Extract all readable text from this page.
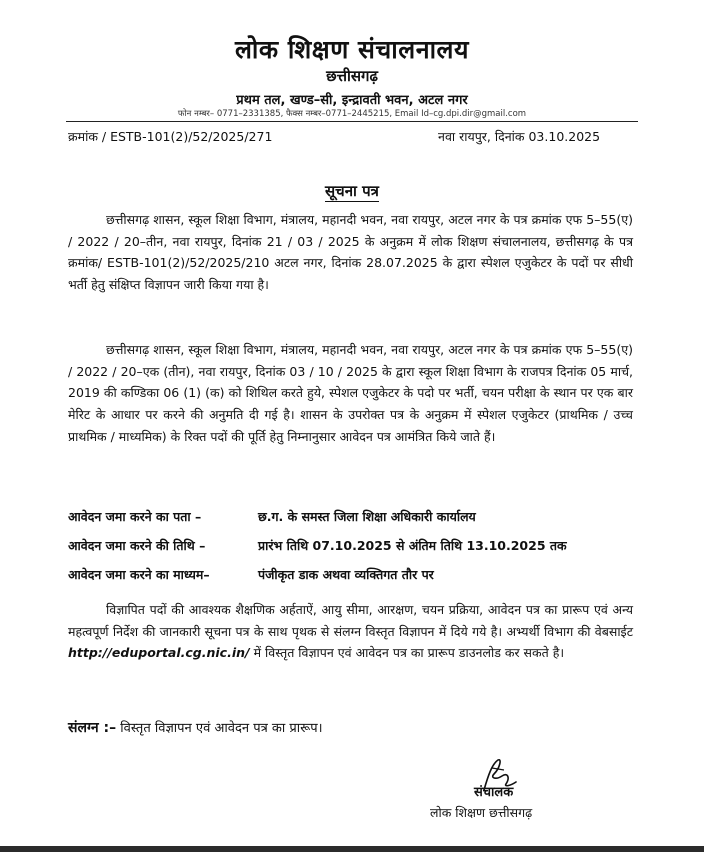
लोक शिक्षण संचालनालय
छत्तीसगढ़
प्रथम तल, खण्ड–सी, इन्द्रावती भवन, अटल नगर
फोन नम्बर– 0771–2331385, फैक्स नम्बर–0771–2445215, Email Id–cg.dpi.dir@gmail.com
क्रमांक / ESTB-101(2)/52/2025/271	नवा रायपुर, दिनांक 03.10.2025
सूचना पत्र

छत्तीसगढ़ शासन, स्कूल शिक्षा विभाग, मंत्रालय, महानदी भवन, नवा रायपुर, अटल नगर के पत्र क्रमांक एफ 5–55(ए) / 2022 / 20–तीन, नवा रायपुर, दिनांक 21 / 03 / 2025 के अनुक्रम में लोक शिक्षण संचालनालय, छत्तीसगढ़ के पत्र क्रमांक/ ESTB-101(2)/52/2025/210 अटल नगर, दिनांक 28.07.2025 के द्वारा स्पेशल एजुकेटर के पदों पर सीधी भर्ती हेतु संक्षिप्त विज्ञापन जारी किया गया है।

छत्तीसगढ़ शासन, स्कूल शिक्षा विभाग, मंत्रालय, महानदी भवन, नवा रायपुर, अटल नगर के पत्र क्रमांक एफ 5–55(ए) / 2022 / 20–एक (तीन), नवा रायपुर, दिनांक 03 / 10 / 2025 के द्वारा स्कूल शिक्षा विभाग के राजपत्र दिनांक 05 मार्च, 2019 की कण्डिका 06 (1) (क) को शिथिल करते हुये, स्पेशल एजुकेटर के पदो पर भर्ती, चयन परीक्षा के स्थान पर एक बार मेरिट के आधार पर करने की अनुमति दी गई है। शासन के उपरोक्त पत्र के अनुक्रम में स्पेशल एजुकेटर (प्राथमिक / उच्च प्राथमिक / माध्यमिक) के रिक्त पदों की पूर्ति हेतु निम्नानुसार आवेदन पत्र आमंत्रित किये जाते हैं।

आवेदन जमा करने का पता –	छ.ग. के समस्त जिला शिक्षा अधिकारी कार्यालय
आवेदन जमा करने की तिथि –	प्रारंभ तिथि 07.10.2025 से अंतिम तिथि 13.10.2025 तक
आवेदन जमा करने का माध्यम–	पंजीकृत डाक अथवा व्यक्तिगत तौर पर

विज्ञापित पदों की आवश्यक शैक्षणिक अर्हताऐं, आयु सीमा, आरक्षण, चयन प्रक्रिया, आवेदन पत्र का प्रारूप एवं अन्य महत्वपूर्ण निर्देश की जानकारी सूचना पत्र के साथ पृथक से संलग्न विस्तृत विज्ञापन में दिये गये है। अभ्यर्थी विभाग की वेबसाईट http://eduportal.cg.nic.in/ में विस्तृत विज्ञापन एवं आवेदन पत्र का प्रारूप डाउनलोड कर सकते है।

संलग्न :– विस्तृत विज्ञापन एवं आवेदन पत्र का प्रारूप।
संचालक
लोक शिक्षण छत्तीसगढ़
